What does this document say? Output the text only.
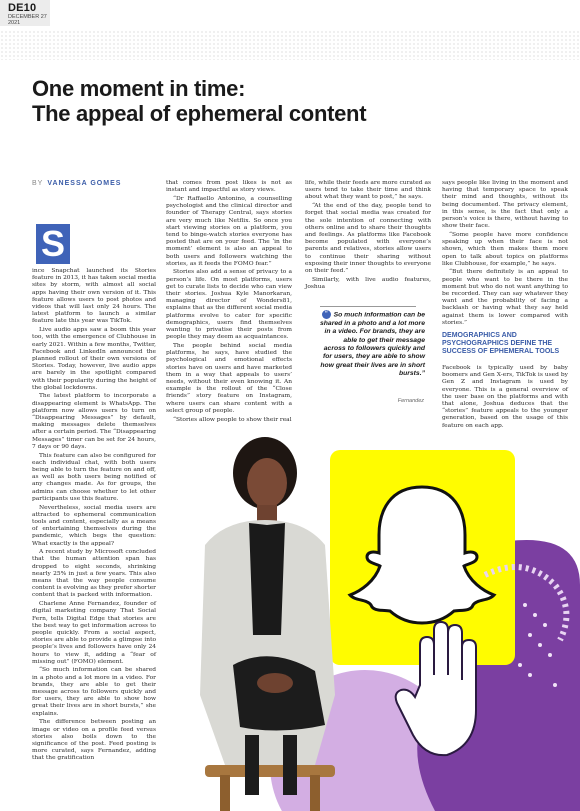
DE10
DECEMBER 27
2021
One moment in time:
The appeal of ephemeral content
BY VANESSA GOMES
S

ince Snapchat launched its Stories feature in 2013, it has taken social media sites by storm, with almost all social apps having their own version of it. This feature allows users to post photos and videos that will last only 24 hours. The latest platform to launch a similar feature late this year was TikTok.

Live audio apps saw a boom this year too, with the emergence of Clubhouse in early 2021. Within a few months, Twitter, Facebook and LinkedIn announced the planned rollout of their own versions of Stories. Today, however, live audio apps are barely in the spotlight compared with their popularity during the height of the global lockdowns.

The latest platform to incorporate a disappearing element is WhatsApp. The platform now allows users to turn on “Disappearing Messages” by default, making messages delete themselves after a certain period. The “Disappearing Messages” timer can be set for 24 hours, 7 days or 90 days.

This feature can also be configured for each individual chat, with both users being able to turn the feature on and off, as well as both users being notified of any changes made. As for groups, the admins can choose whether to let other participants use this feature.

Nevertheless, social media users are attracted to ephemeral communication tools and content, especially as a means of entertaining themselves during the pandemic, which begs the question: What exactly is the appeal?

A recent study by Microsoft concluded that the human attention span has dropped to eight seconds, shrinking nearly 25% in just a few years. This also means that the way people consume content is evolving as they prefer shorter content that is packed with information.

Charlene Anne Fernandez, founder of digital marketing company That Social Fern, tells Digital Edge that stories are the best way to get information across to people quickly. From a social aspect, stories are able to provide a glimpse into people’s lives and followers have only 24 hours to view it, adding a “fear of missing out” (FOMO) element.

“So much information can be shared in a photo and a lot more in a video. For brands, they are able to get their message across to followers quickly and for users, they are able to show how great their lives are in short bursts,” she explains.

The difference between posting an image or video on a profile feed versus stories also boils down to the significance of the post. Feed posting is more curated, says Fernandez, adding that the gratification

that comes from post likes is not as instant and impactful as story views.

“Dr Raffaello Antonino, a counselling psychologist and the clinical director and founder of Therapy Central, says stories are very much like Netflix. So once you start viewing stories on a platform, you tend to binge-watch stories everyone has posted that are on your feed. The ‘in the moment’ element is also an appeal to both users and followers watching the stories, as it feeds the FOMO fear.”

Stories also add a sense of privacy to a person’s life. On most platforms, users get to curate lists to decide who can view their stories. Joshua Kyle Manorkaran, managing director of Wonders81, explains that as the different social media platforms evolve to cater for specific demographics, users find themselves wanting to privatise their posts from people they may deem as acquaintances.

The people behind social media platforms, he says, have studied the psychological and emotional effects stories have on users and have marketed them in a way that appeals to users’ needs, without their even knowing it. An example is the rollout of the “Close friends” story feature on Instagram, where users can share content with a select group of people.

“Stories allow people to show their real

life, while their feeds are more curated as users tend to take their time and think about what they want to post,” he says.

“At the end of the day, people tend to forget that social media was created for the sole intention of connecting with others online and to share their thoughts and feelings. As platforms like Facebook become populated with everyone’s parents and relatives, stories allow users to continue their sharing without exposing their inner thoughts to everyone on their feed.”

Similarly, with live audio features, Joshua

says people like living in the moment and having that temporary space to speak their mind and thoughts, without its being documented. The privacy element, in this sense, is the fact that only a person’s voice is there, without having to show their face.

“Some people have more confidence speaking up when their face is not shown, which then makes them more open to talk about topics on platforms like Clubhouse, for example,” he says.

“But there definitely is an appeal to people who want to be there in the moment but who do not want anything to be recorded. They can say whatever they want and the probability of facing a backlash or having what they say held against them is lower compared with stories.”

“ So much information can be shared in a photo and a lot more in a video. For brands, they are able to get their message across to followers quickly and for users, they are able to show how great their lives are in short bursts.”
Fernandez
DEMOGRAPHICS AND PSYCHOGRAPHICS DEFINE THE SUCCESS OF EPHEMERAL TOOLS

Facebook is typically used by baby boomers and Gen X-ers, TikTok is used by Gen Z and Instagram is used by everyone. This is a general overview of the user base on the platforms and with that alone, Joshua deduces that the “stories” feature appeals to the younger generation, based on the usage of this feature on each app.
